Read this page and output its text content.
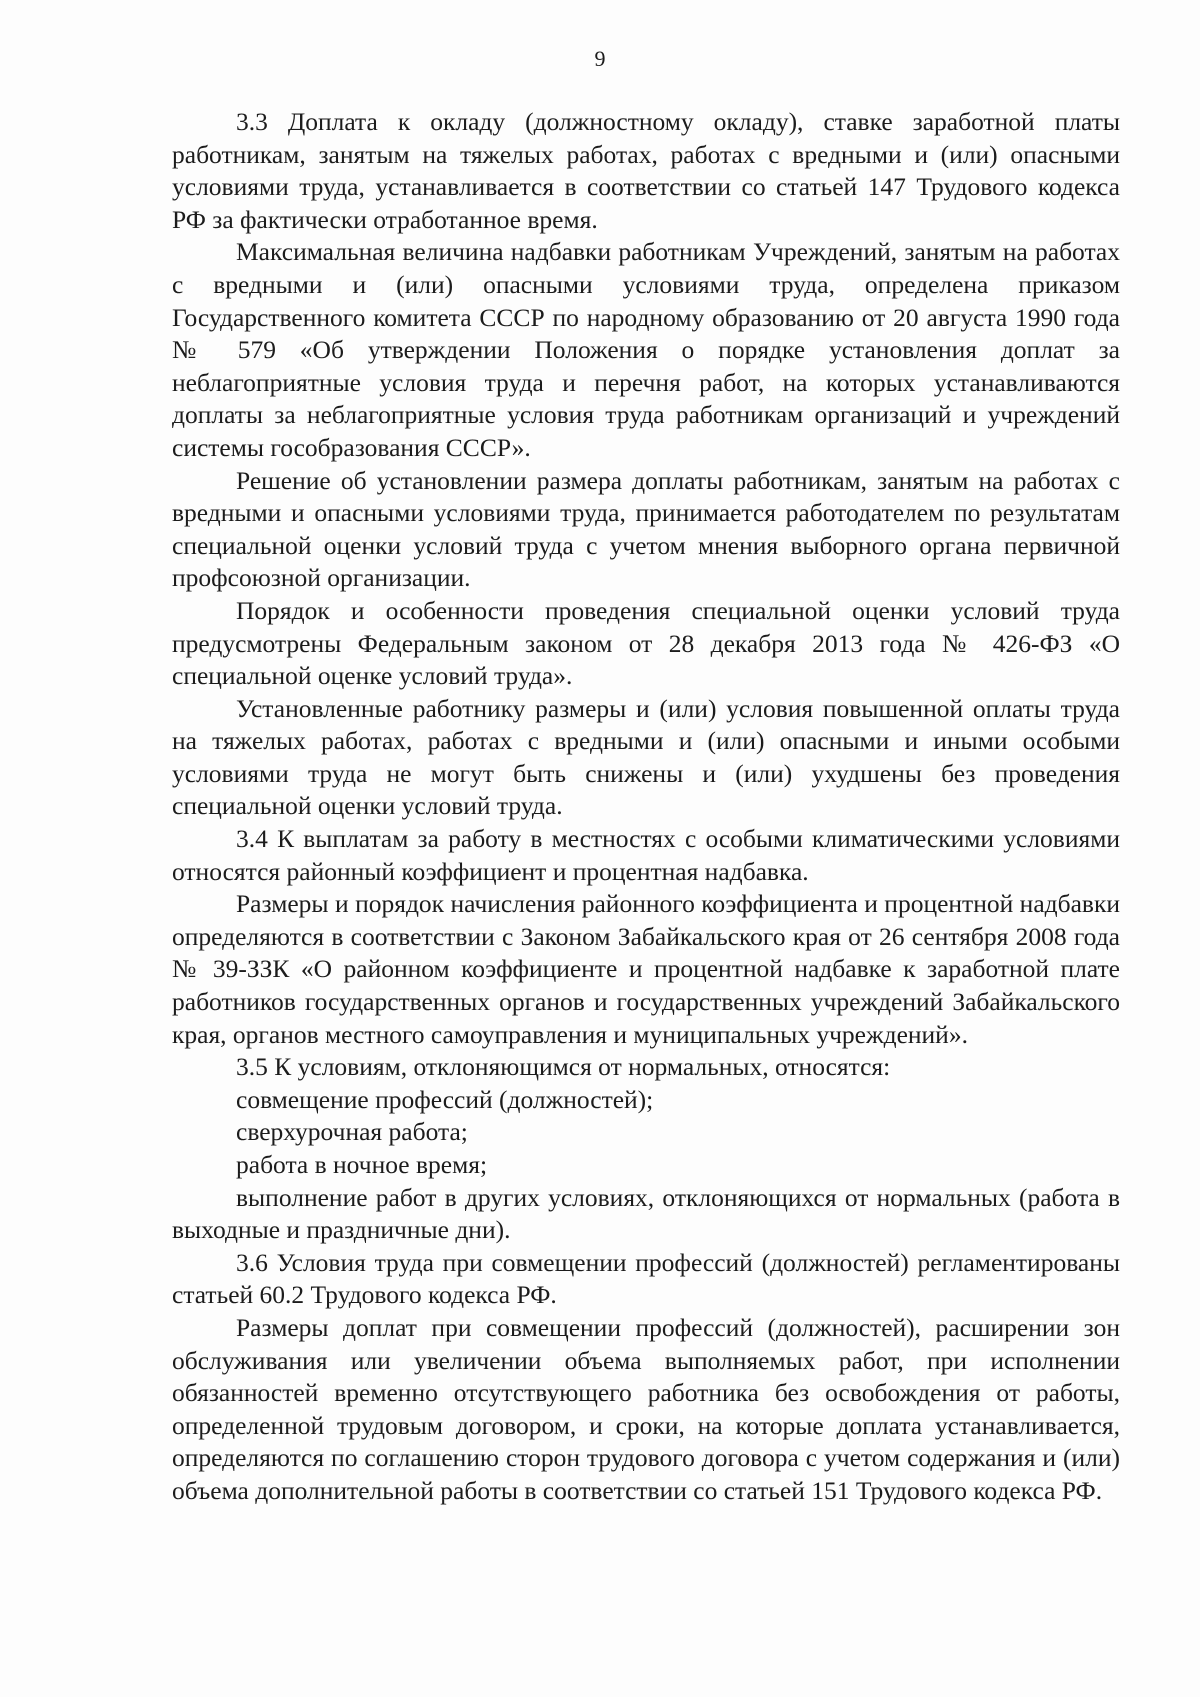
9

3.3 Доплата к окладу (должностному окладу), ставке заработной платы работникам, занятым на тяжелых работах, работах с вредными и (или) опасными условиями труда, устанавливается в соответствии со статьей 147 Трудового кодекса РФ за фактически отработанное время.

Максимальная величина надбавки работникам Учреждений, занятым на работах с вредными и (или) опасными условиями труда, определена приказом Государственного комитета СССР по народному образованию от 20 августа 1990 года № 579 «Об утверждении Положения о порядке установления доплат за неблагоприятные условия труда и перечня работ, на которых устанавливаются доплаты за неблагоприятные условия труда работникам организаций и учреждений системы гособразования СССР».

Решение об установлении размера доплаты работникам, занятым на работах с вредными и опасными условиями труда, принимается работодателем по результатам специальной оценки условий труда с учетом мнения выборного органа первичной профсоюзной организации.

Порядок и особенности проведения специальной оценки условий труда предусмотрены Федеральным законом от 28 декабря 2013 года № 426-ФЗ «О специальной оценке условий труда».

Установленные работнику размеры и (или) условия повышенной оплаты труда на тяжелых работах, работах с вредными и (или) опасными и иными особыми условиями труда не могут быть снижены и (или) ухудшены без проведения специальной оценки условий труда.

3.4 К выплатам за работу в местностях с особыми климатическими условиями относятся районный коэффициент и процентная надбавка.

Размеры и порядок начисления районного коэффициента и процентной надбавки определяются в соответствии с Законом Забайкальского края от 26 сентября 2008 года № 39-ЗЗК «О районном коэффициенте и процентной надбавке к заработной плате работников государственных органов и государственных учреждений Забайкальского края, органов местного самоуправления и муниципальных учреждений».

3.5 К условиям, отклоняющимся от нормальных, относятся:

совмещение профессий (должностей);

сверхурочная работа;

работа в ночное время;

выполнение работ в других условиях, отклоняющихся от нормальных (работа в выходные и праздничные дни).

3.6 Условия труда при совмещении профессий (должностей) регламентированы статьей 60.2 Трудового кодекса РФ.

Размеры доплат при совмещении профессий (должностей), расширении зон обслуживания или увеличении объема выполняемых работ, при исполнении обязанностей временно отсутствующего работника без освобождения от работы, определенной трудовым договором, и сроки, на которые доплата устанавливается, определяются по соглашению сторон трудового договора с учетом содержания и (или) объема дополнительной работы в соответствии со статьей 151 Трудового кодекса РФ.
